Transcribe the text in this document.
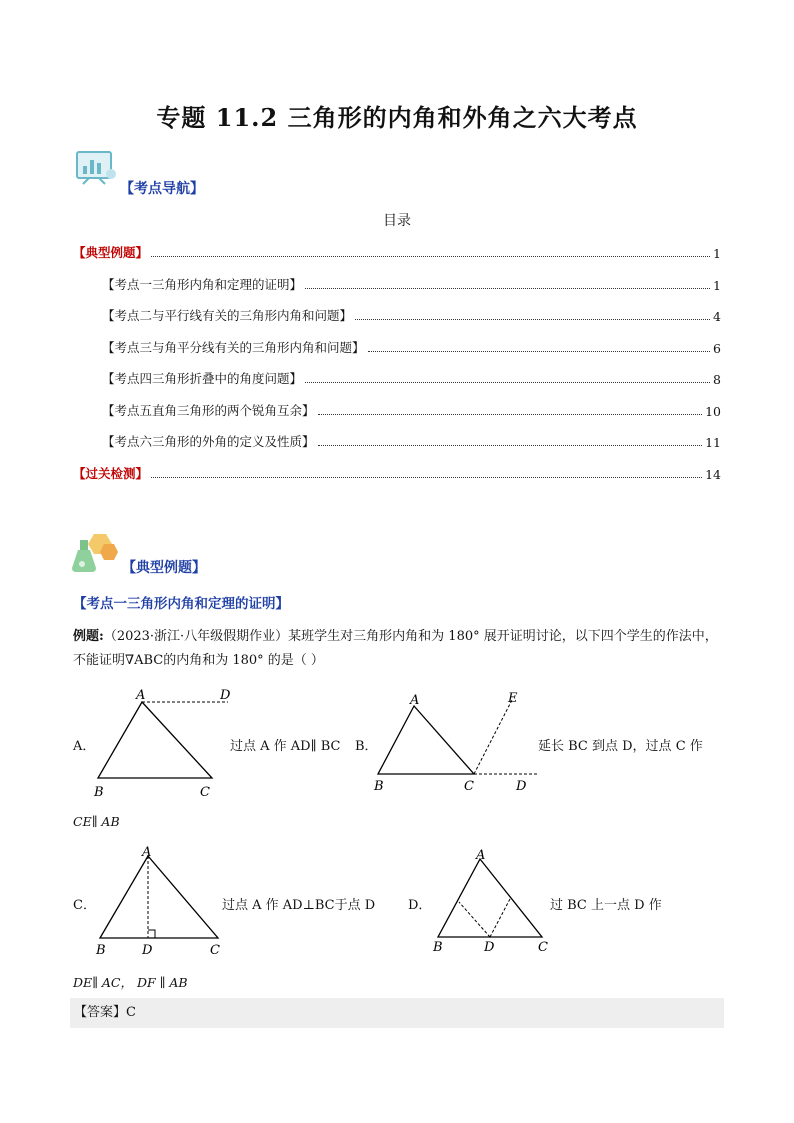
专题 11.2 三角形的内角和外角之六大考点
【考点导航】
目录
【典型例题】	1
【考点一三角形内角和定理的证明】	1
【考点二与平行线有关的三角形内角和问题】	4
【考点三与角平分线有关的三角形内角和问题】	6
【考点四三角形折叠中的角度问题】	8
【考点五直角三角形的两个锐角互余】	10
【考点六三角形的外角的定义及性质】	11
【过关检测】	14
【典型例题】
【考点一三角形内角和定理的证明】
例题:（2023·浙江·八年级假期作业）某班学生对三角形内角和为 180° 展开证明讨论，以下四个学生的作法中，不能证明∇ABC的内角和为 180° 的是（ ）
A．
A	D
B	C
过点 A 作 AD∥ BC B．
A	E
B	C	D
延长 BC 到点 D，过点 C 作
CE∥ AB
C．
A
B	D	C
过点 A 作 AD⊥BC于点 D	D．
A
B	D	C
过 BC 上一点 D 作
DE∥ AC， DF ∥ AB
【答案】C
